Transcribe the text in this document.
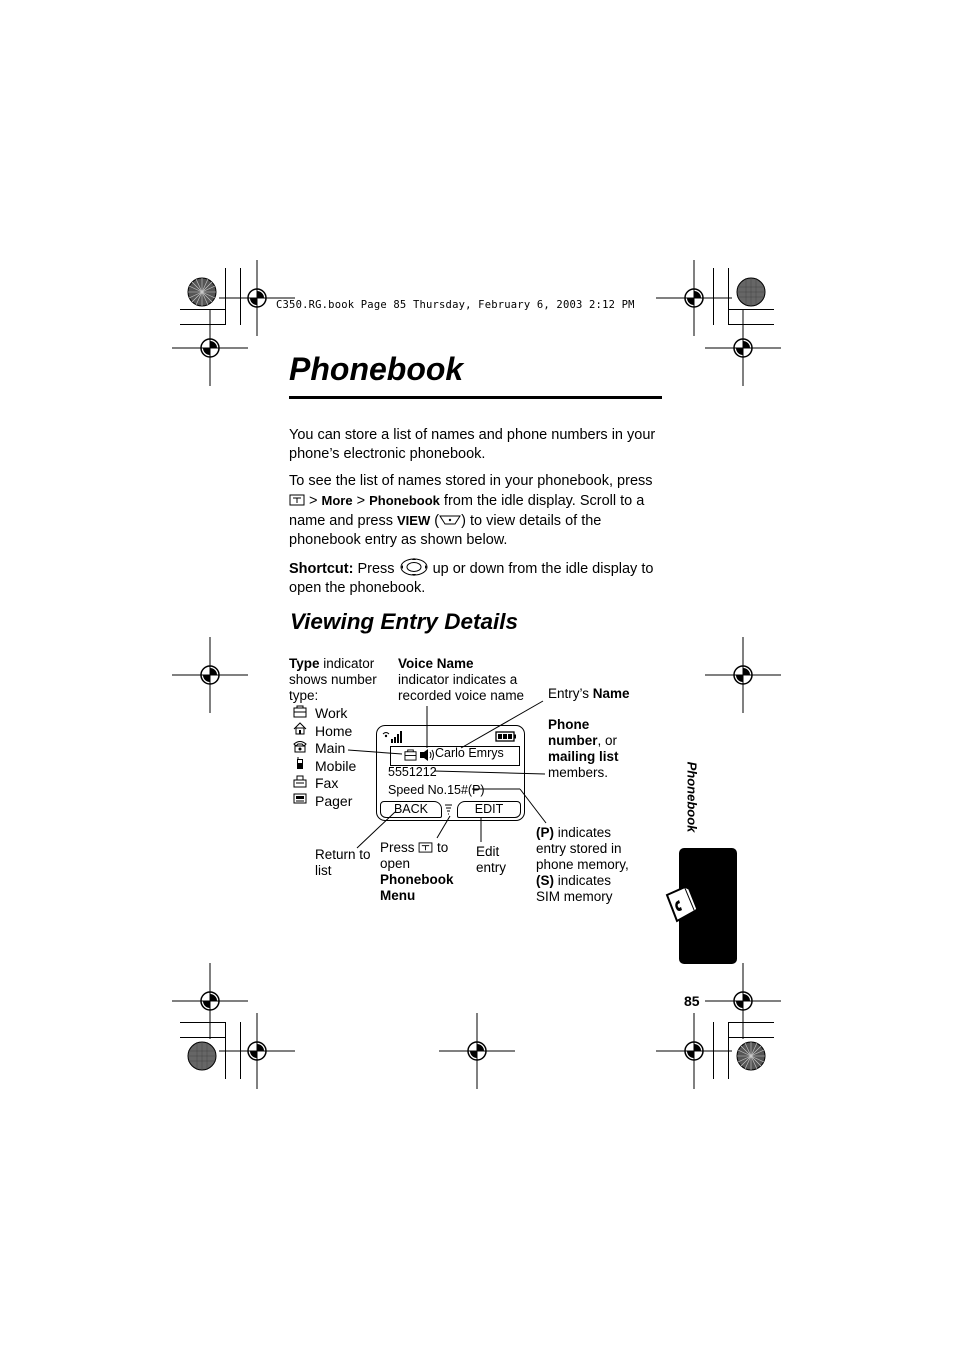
C350.RG.book Page 85 Thursday, February 6, 2003 2:12 PM
Phonebook
You can store a list of names and phone numbers in your phone’s electronic phonebook.
To see the list of names stored in your phonebook, press  > More > Phonebook from the idle display. Scroll to a name and press VIEW ( ) to view details of the phonebook entry as shown below.
Shortcut: Press  up or down from the idle display to open the phonebook.
Viewing Entry Details
Type indicator shows number type:
Voice Name indicator indicates a recorded voice name Entry’s Name
Phone number, or mailing list members.
(P) indicates entry stored in phone memory, (S) indicates SIM memory
Return to list
Press  to open Phonebook Menu
Edit entry
Work
Home
Main
Mobile
Fax
Pager
Carlo Emrys
5551212
Speed No.15#(P)
BACK	EDIT	Phonebook
85
